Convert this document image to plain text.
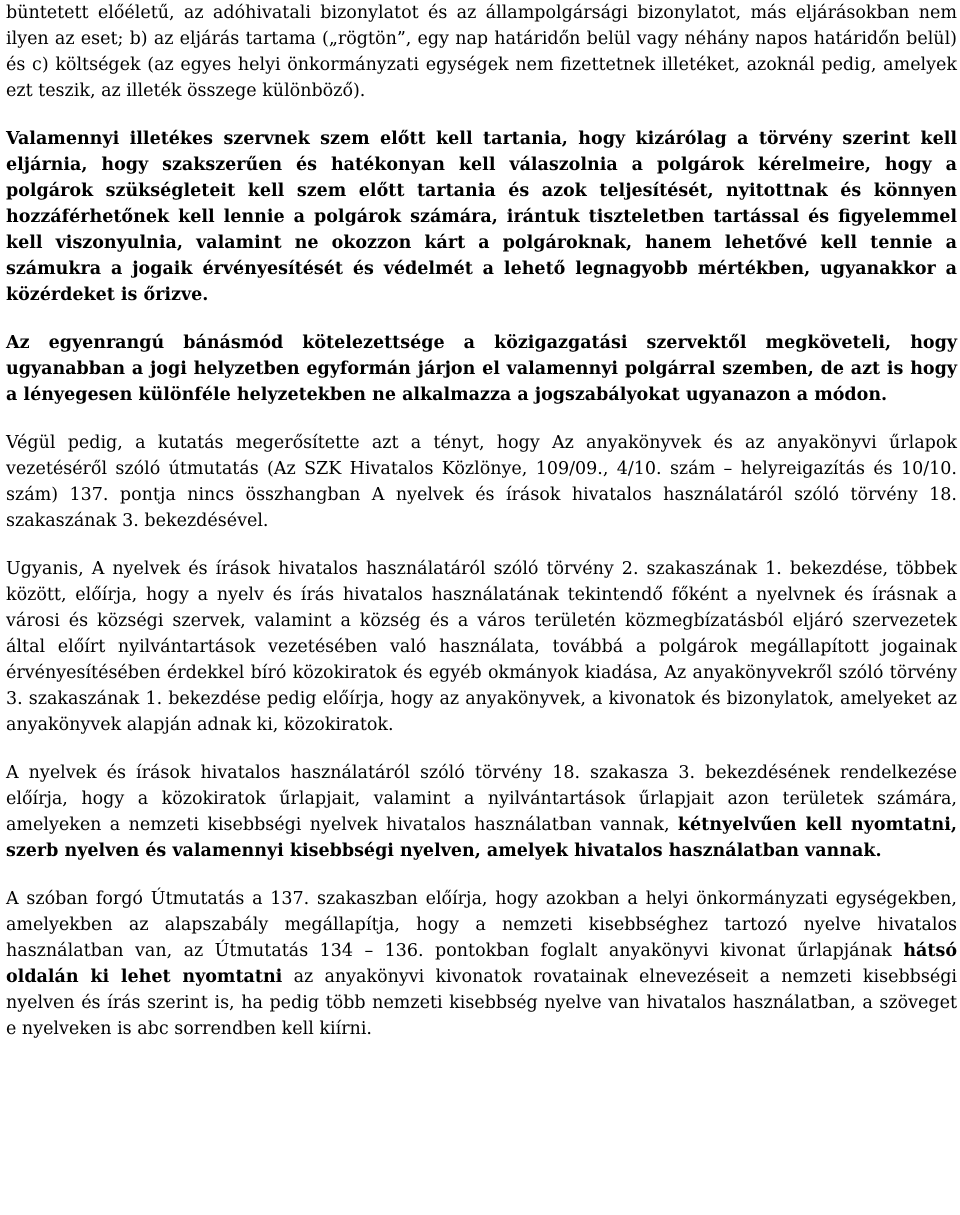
büntetett előéletű, az adóhivatali bizonylatot és az állampolgársági bizonylatot, más eljárásokban nem ilyen az eset; b) az eljárás tartama („rögtön”, egy nap határidőn belül vagy néhány napos határidőn belül) és c) költségek (az egyes helyi önkormányzati egységek nem fizettetnek illetéket, azoknál pedig, amelyek ezt teszik, az illeték összege különböző).

Valamennyi illetékes szervnek szem előtt kell tartania, hogy kizárólag a törvény szerint kell eljárnia, hogy szakszerűen és hatékonyan kell válaszolnia a polgárok kérelmeire, hogy a polgárok szükségleteit kell szem előtt tartania és azok teljesítését, nyitottnak és könnyen hozzáférhetőnek kell lennie a polgárok számára, irántuk tiszteletben tartással és figyelemmel kell viszonyulnia, valamint ne okozzon kárt a polgároknak, hanem lehetővé kell tennie a számukra a jogaik érvényesítését és védelmét a lehető legnagyobb mértékben, ugyanakkor a közérdeket is őrizve.

Az egyenrangú bánásmód kötelezettsége a közigazgatási szervektől megköveteli, hogy ugyanabban a jogi helyzetben egyformán járjon el valamennyi polgárral szemben, de azt is hogy a lényegesen különféle helyzetekben ne alkalmazza a jogszabályokat ugyanazon a módon.

Végül pedig, a kutatás megerősítette azt a tényt, hogy Az anyakönyvek és az anyakönyvi űrlapok vezetéséről szóló útmutatás (Az SZK Hivatalos Közlönye, 109/09., 4/10. szám – helyreigazítás és 10/10. szám) 137. pontja nincs összhangban A nyelvek és írások hivatalos használatáról szóló törvény 18. szakaszának 3. bekezdésével.

Ugyanis, A nyelvek és írások hivatalos használatáról szóló törvény 2. szakaszának 1. bekezdése, többek között, előírja, hogy a nyelv és írás hivatalos használatának tekintendő főként a nyelvnek és írásnak a városi és községi szervek, valamint a község és a város területén közmegbízatásból eljáró szervezetek által előírt nyilvántartások vezetésében való használata, továbbá a polgárok megállapított jogainak érvényesítésében érdekkel bíró közokiratok és egyéb okmányok kiadása, Az anyakönyvekről szóló törvény 3. szakaszának 1. bekezdése pedig előírja, hogy az anyakönyvek, a kivonatok és bizonylatok, amelyeket az anyakönyvek alapján adnak ki, közokiratok.

A nyelvek és írások hivatalos használatáról szóló törvény 18. szakasza 3. bekezdésének rendelkezése előírja, hogy a közokiratok űrlapjait, valamint a nyilvántartások űrlapjait azon területek számára, amelyeken a nemzeti kisebbségi nyelvek hivatalos használatban vannak, kétnyelvűen kell nyomtatni, szerb nyelven és valamennyi kisebbségi nyelven, amelyek hivatalos használatban vannak.

A szóban forgó Útmutatás a 137. szakaszban előírja, hogy azokban a helyi önkormányzati egységekben, amelyekben az alapszabály megállapítja, hogy a nemzeti kisebbséghez tartozó nyelve hivatalos használatban van, az Útmutatás 134 – 136. pontokban foglalt anyakönyvi kivonat űrlapjának hátsó oldalán ki lehet nyomtatni az anyakönyvi kivonatok rovatainak elnevezéseit a nemzeti kisebbségi nyelven és írás szerint is, ha pedig több nemzeti kisebbség nyelve van hivatalos használatban, a szöveget e nyelveken is abc sorrendben kell kiírni.
